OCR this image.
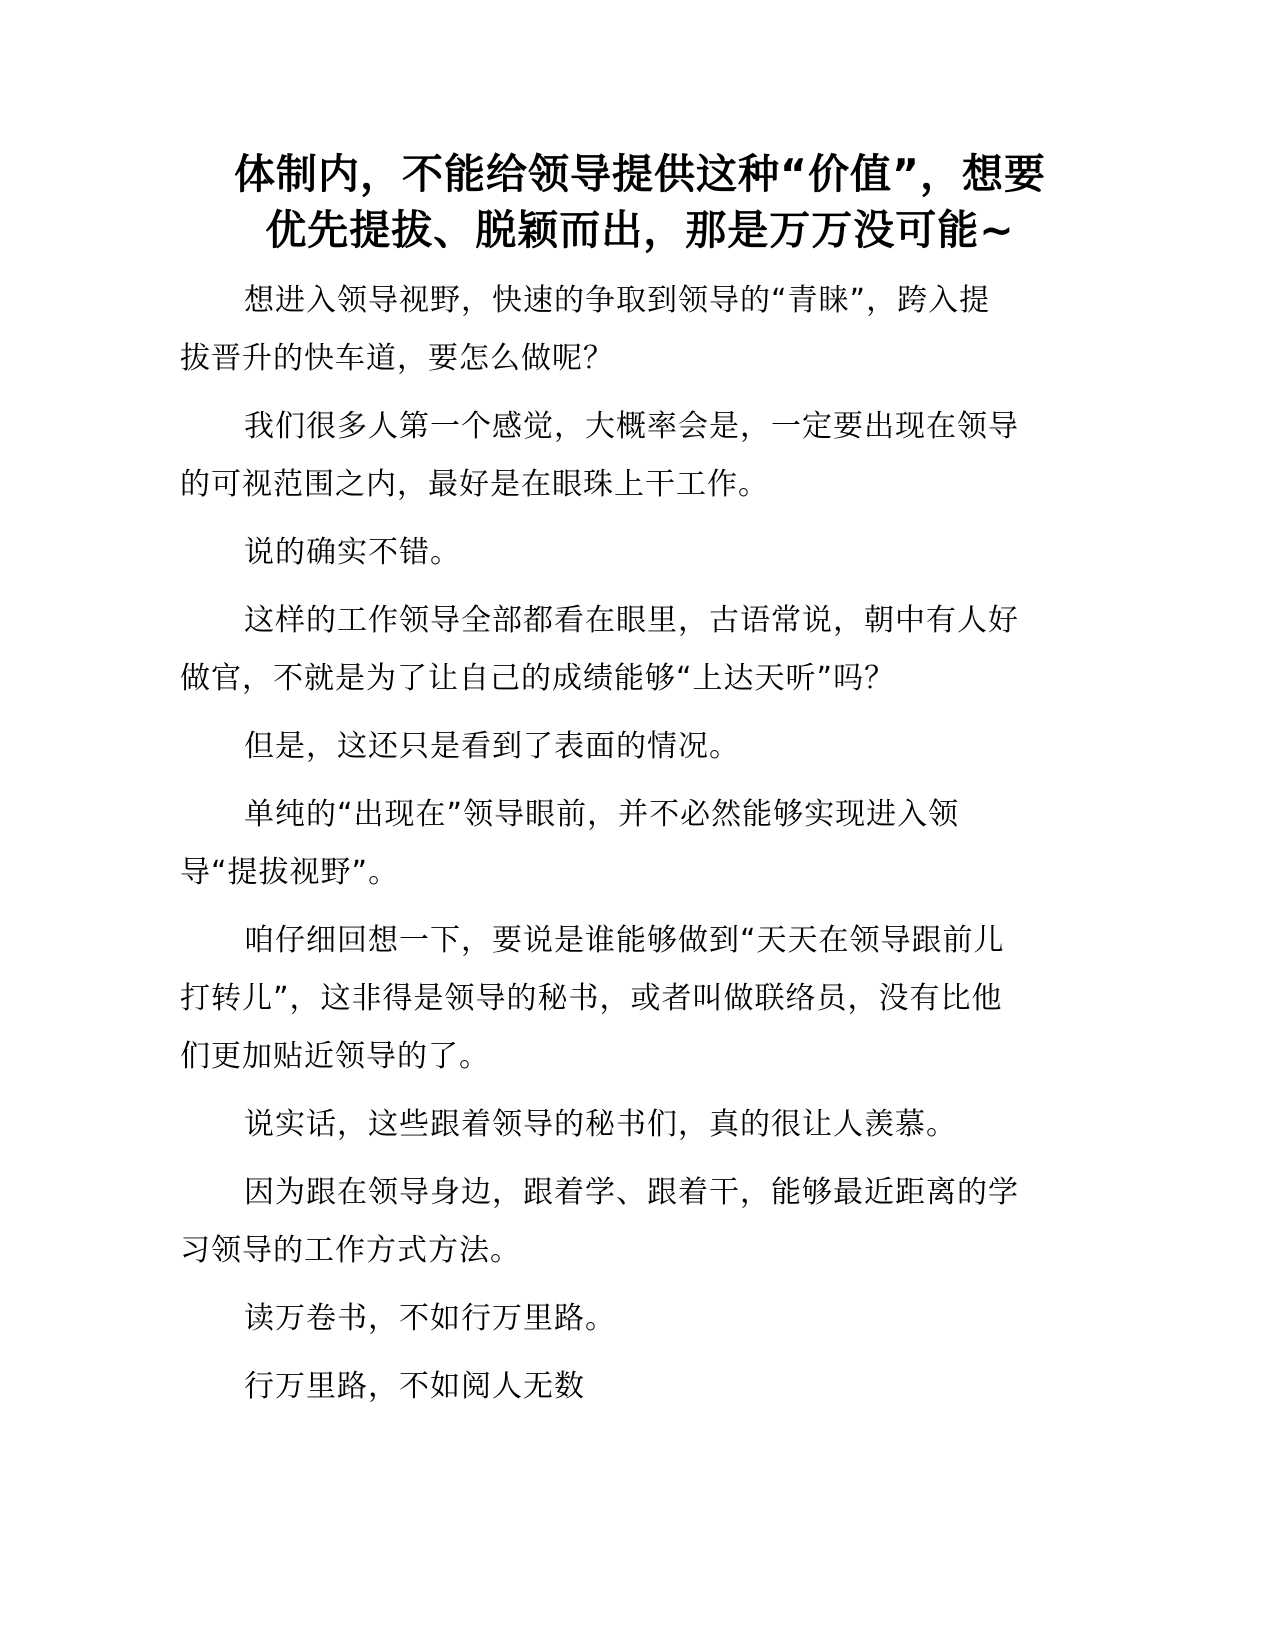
体制内，不能给领导提供这种“价值”，想要
优先提拔、脱颖而出，那是万万没可能~

想进入领导视野，快速的争取到领导的“青睐”，跨入提
拔晋升的快车道，要怎么做呢？

我们很多人第一个感觉，大概率会是，一定要出现在领导
的可视范围之内，最好是在眼珠上干工作。

说的确实不错。

这样的工作领导全部都看在眼里，古语常说，朝中有人好
做官，不就是为了让自己的成绩能够“上达天听”吗？

但是，这还只是看到了表面的情况。

单纯的“出现在”领导眼前，并不必然能够实现进入领
导“提拔视野”。

咱仔细回想一下，要说是谁能够做到“天天在领导跟前儿
打转儿”，这非得是领导的秘书，或者叫做联络员，没有比他
们更加贴近领导的了。

说实话，这些跟着领导的秘书们，真的很让人羡慕。

因为跟在领导身边，跟着学、跟着干，能够最近距离的学
习领导的工作方式方法。

读万卷书，不如行万里路。

行万里路，不如阅人无数
